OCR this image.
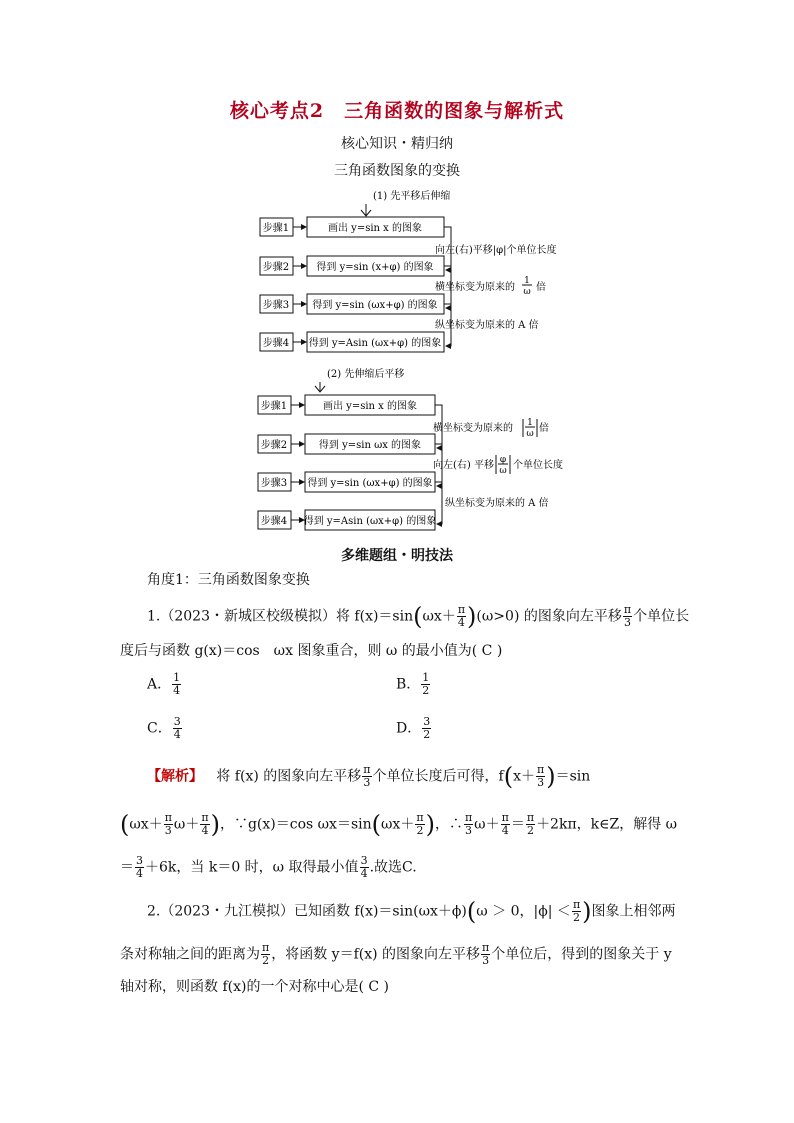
核心考点2　三角函数的图象与解析式
核心知识・精归纳
三角函数图象的变换
(1) 先平移后伸缩
步骤1	画出 y=sin x 的图象
步骤2	得到 y=sin (x+φ) 的图象
步骤3 得到 y=sin (ωx+φ) 的图象
步骤4 得到 y=Asin (ωx+φ) 的图象
向左(右)平移|φ|个单位长度
横坐标变为原来的
1
ω 倍
纵坐标变为原来的 A 倍
(2) 先伸缩后平移
步骤1	画出 y=sin x 的图象
步骤2	得到 y=sin ωx 的图象
步骤3 得到 y=sin (ωx+φ) 的图象
步骤4 得到 y=Asin (ωx+φ) 的图象
横坐标变为原来的 1
ω 倍
向左(右) 平移 φ
ω 个单位长度
纵坐标变为原来的 A 倍
多维题组・明技法
角度1：三角函数图象变换
1.（2023・新城区校级模拟）将 $f(x)=\sin(\omega x+ \frac{\pi}{4} )(\omega>0)$ 的图象向左平移 $\frac{\pi}{3}$ 个单位长
度后与函数 g(x)＝cos　ωx 图象重合，则 ω 的最小值为( C )
A． $\frac{1}{4}$	B． $\frac{1}{2}$
C． $\frac{3}{4}$	D． $\frac{3}{2}$
【解析】 将 f(x) 的图象向左平移 $\frac{\pi}{3}$ 个单位长度后可得，$f(x+ \frac{\pi}{3} )=\sin$
($\omega x+ \frac{\pi}{3} \omega+ \frac{\pi}{4}$ )，∵g(x)＝cos $\omega x=\sin(\omega x+ \frac{\pi}{2}$ )，∴ $\frac{\pi}{3} \omega+ \frac{\pi}{4} = \frac{\pi}{2} +2k\pi$，k∈Z，解得 ω
＝ $\frac{3}{4} +6k$，当 k＝0 时，ω 取得最小值 $\frac{3}{4}$ .故选C.
2.（2023・九江模拟）已知函数 f(x)＝sin(ωx＋ϕ)(ω ＞ 0，$|\phi| < \frac{\pi}{2}$ )图象上相邻两
条对称轴之间的距离为 $\frac{\pi}{2}$ ，将函数 y＝f(x) 的图象向左平移 $\frac{\pi}{3}$ 个单位后，得到的图象关于 y
轴对称，则函数 f(x)的一个对称中心是( C )
